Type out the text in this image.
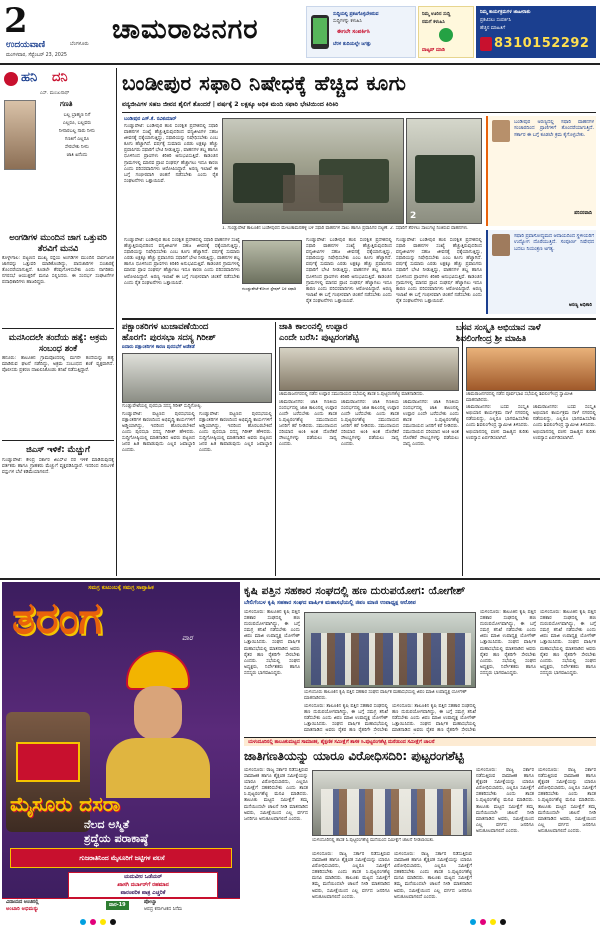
2
ಉದಯವಾಣಿ	ಬೆಂಗಳೂರು
ಮಂಗಳವಾರ, ಸೆಪ್ಟೆಂಬರ್ 23, 2025
ಚಾಮರಾಜನಗರ	ಸುದ್ದಿಯಲ್ಲಿ ಪ್ರಕಟಗೊಳ್ಳಬೇಕಿರುವ
ಸುದ್ದಿಗಳನ್ನು ಕಳುಹಿಸಿ
ಈಗಲೇ ಸಂಪರ್ಕಿಸಿ
ಬೆರಳ ತುದಿಯಲ್ಲೇ ಜಗತ್ತು
ನಿಮ್ಮ ಊರಿನ ಸುದ್ದಿ
ನಮಗೆ ಕಳುಹಿಸಿ
ವಾಟ್ಸಪ್ ಮಾಡಿ
ನಿಮ್ಮ ಕಾರ್ಯಕ್ರಮಗಳ ಜಾಹೀರಾತು
ಪ್ರಕಟಿಸಲು ಸಂಪರ್ಕಿಸಿ
ಹೆಚ್ಚಿನ ಮಾಹಿತಿಗೆ
8310152292
ಹನಿ ದನಿ
ಎಸ್. ಮಂಜುನಾಥ್
ಗಣತಿ
ಬಲ್ಲ ಬ್ರಾಹ್ಮಣ ನಿಗೆ
ಎಲ್ಲರೂ, ಬಲ್ಲವರು
ನೀನಾರಬಲ್ಲ ನಾರು ನೀನು
ಗಣತಿಗೆ ಎಲ್ಲರೂ
ಸೇರಬೇಕು ನೀನು
ಜಾತಿ ಏನೆಂದು
ಅಂಗಡಿಗಳ ಮುಂದಿನ ಜಾಗ ಒತ್ತುವರಿ ತೆರವಿಗೆ ಮನವಿ
ಕೊಳ್ಳೇಗಾಲ: ಪಟ್ಟಣದ ಮುಖ್ಯ ರಸ್ತೆಯ ಅಂಗಡಿಗಳ ಮುಂದಿನ ಸಾರ್ವಜನಿಕ ಜಾಗವನ್ನು ಒತ್ತುವರಿ ಮಾಡಿಕೊಂಡಿದ್ದು, ಪಾದಚಾರಿಗಳ ಸಂಚಾರಕ್ಕೆ ತೊಂದರೆಯಾಗುತ್ತಿದೆ. ಕೂಡಲೇ ತೆರವುಗೊಳಿಸಬೇಕು ಎಂದು ನಾಗರಿಕರು ನಗರಸಭೆ ಆಯುಕ್ತರಿಗೆ ಮನವಿ ಸಲ್ಲಿಸಿದರು. ಈ ಸಂದರ್ಭ ಸಂಘಟನೆಗಳ ಪದಾಧಿಕಾರಿಗಳು ಹಾಜರಿದ್ದರು.
ಮನಸಿಂದಲೇ ತಂದೆಯ ಹತ್ಯೆ: ಅಕ್ರಮ ಸಂಬಂಧ ಶಂಕೆ
ಹನೂರು: ತಾಲೂಕಿನ ಗ್ರಾಮವೊಂದರಲ್ಲಿ ಮಗನೇ ತಂದೆಯನ್ನು ಹತ್ಯೆ ಮಾಡಿರುವ ಘಟನೆ ನಡೆದಿದ್ದು, ಅಕ್ರಮ ಸಂಬಂಧದ ಶಂಕೆ ವ್ಯಕ್ತವಾಗಿದೆ. ಪೊಲೀಸರು ಪ್ರಕರಣ ದಾಖಲಿಸಿಕೊಂಡು ತನಿಖೆ ನಡೆಸುತ್ತಿದ್ದಾರೆ.
ಜಿಎಸ್ ಇಳಿಕೆ: ಮೆಚ್ಚುಗೆ
ಗುಂಡ್ಲುಪೇಟೆ: ಕೇಂದ್ರ ಸರ್ಕಾರ ಜಿಎಸ್‌ಟಿ ದರ ಇಳಿಕೆ ಮಾಡಿರುವುದಕ್ಕೆ ವರ್ತಕರು ಹಾಗೂ ಗ್ರಾಹಕರು ಮೆಚ್ಚುಗೆ ವ್ಯಕ್ತಪಡಿಸಿದ್ದಾರೆ. ಇದರಿಂದ ದಿನಬಳಕೆ ವಸ್ತುಗಳ ಬೆಲೆ ಕಡಿಮೆಯಾಗಲಿದೆ.
ಬಂಡೀಪುರ ಸಫಾರಿ ನಿಷೇಧಕ್ಕೆ ಹೆಚ್ಚಿದ ಕೂಗು
ವನ್ಯಜೀವಿಗಳ ಸಹಜ ಜೀವನ ಶೈಲಿಗೆ ತೊಂದರೆ | ವರ್ಷಕ್ಕೆ 2 ಲಕ್ಷಕ್ಕೂ ಅಧಿಕ ಮಂದಿ ಸಫಾರಿ ಭೇಟಿಯಿಂದ ಕಿರಿಕಿರಿ
ಬಂಡೀಪುರ ಎಸ್.ಕೆ. ರವಿಕುಮಾರ್
ಗುಂಡ್ಲುಪೇಟೆ: ಬಂಡೀಪುರ ಹುಲಿ ಸಂರಕ್ಷಿತ ಪ್ರದೇಶದಲ್ಲಿ ಸಫಾರಿ ವಾಹನಗಳ ಸಂಖ್ಯೆ ಹೆಚ್ಚುತ್ತಿರುವುದರಿಂದ ವನ್ಯಜೀವಿಗಳ ಸಹಜ ಜೀವನಕ್ಕೆ ಧಕ್ಕೆಯಾಗುತ್ತಿದ್ದು, ಸಫಾರಿಯನ್ನು ನಿಷೇಧಿಸಬೇಕು ಎಂಬ ಕೂಗು ಹೆಚ್ಚಾಗಿದೆ. ವರ್ಷಕ್ಕೆ ಸುಮಾರು ಎರಡು ಲಕ್ಷಕ್ಕೂ ಹೆಚ್ಚು ಪ್ರವಾಸಿಗರು ಸಫಾರಿಗೆ ಭೇಟಿ ನೀಡುತ್ತಿದ್ದು, ವಾಹನಗಳ ಶಬ್ದ ಹಾಗೂ ಧೂಳಿನಿಂದ ಪ್ರಾಣಿಗಳು ಕಿರಿಕಿರಿ ಅನುಭವಿಸುತ್ತಿವೆ. ಕಾಡಂಚಿನ ಗ್ರಾಮಗಳಲ್ಲಿ ಮಾನವ ಪ್ರಾಣಿ ಸಂಘರ್ಷ ಹೆಚ್ಚಾಗಲು ಇದೂ ಕಾರಣ ಎಂದು ಪರಿಸರವಾದಿಗಳು ಆರೋಪಿಸಿದ್ದಾರೆ. ಅರಣ್ಯ ಇಲಾಖೆ ಈ ಬಗ್ಗೆ ಗಂಭೀರವಾಗಿ ಚಿಂತನೆ ನಡೆಸಬೇಕು ಎಂದು ರೈತ ಸಂಘಟನೆಗಳು ಒತ್ತಾಯಿಸಿವೆ.
2
1. ಗುಂಡ್ಲುಪೇಟೆ ತಾಲೂಕಿನ ಬಂಡೀಪುರದ ಮೇಲುಕಾಮನಹಳ್ಳಿ ಬಳಿ ಸಫಾರಿ ವಾಹನಗಳ ಸಾಲು ಹಾಗೂ ಪ್ರವಾಸಿಗರ ದಟ್ಟಣೆ. 2. ಸಫಾರಿಗೆ ತೆರಳಲು ಸಾಲುಗಟ್ಟಿ ನಿಂತಿರುವ ವಾಹನಗಳು.
ಬಂಡೀಪುರ ಅರಣ್ಯದಲ್ಲಿ ಸಫಾರಿ ವಾಹನಗಳ ಸಂಚಾರದಿಂದ ಪ್ರಾಣಿಗಳಿಗೆ ತೊಂದರೆಯಾಗುತ್ತಿದೆ. ಸರ್ಕಾರ ಈ ಬಗ್ಗೆ ಕೂಡಲೇ ಕ್ರಮ ಕೈಗೊಳ್ಳಬೇಕು.
ಪರಿಸರವಾದಿ
ಸಫಾರಿ ಪ್ರವಾಸೋದ್ಯಮದ ಆದಾಯದಿಂದ ಸ್ಥಳೀಯರಿಗೆ ಉದ್ಯೋಗ ದೊರೆಯುತ್ತಿದೆ. ಸಂಪೂರ್ಣ ನಿಷೇಧದ ಬದಲು ನಿಯಂತ್ರಣ ಅಗತ್ಯ.
ಅರಣ್ಯ ಅಧಿಕಾರಿ
ಗುಂಡ್ಲುಪೇಟೆ: ಬಂಡೀಪುರ ಹುಲಿ ಸಂರಕ್ಷಿತ ಪ್ರದೇಶದಲ್ಲಿ ಸಫಾರಿ ವಾಹನಗಳ ಸಂಖ್ಯೆ ಹೆಚ್ಚುತ್ತಿರುವುದರಿಂದ ವನ್ಯಜೀವಿಗಳ ಸಹಜ ಜೀವನಕ್ಕೆ ಧಕ್ಕೆಯಾಗುತ್ತಿದ್ದು, ಸಫಾರಿಯನ್ನು ನಿಷೇಧಿಸಬೇಕು ಎಂಬ ಕೂಗು ಹೆಚ್ಚಾಗಿದೆ. ವರ್ಷಕ್ಕೆ ಸುಮಾರು ಎರಡು ಲಕ್ಷಕ್ಕೂ ಹೆಚ್ಚು ಪ್ರವಾಸಿಗರು ಸಫಾರಿಗೆ ಭೇಟಿ ನೀಡುತ್ತಿದ್ದು, ವಾಹನಗಳ ಶಬ್ದ ಹಾಗೂ ಧೂಳಿನಿಂದ ಪ್ರಾಣಿಗಳು ಕಿರಿಕಿರಿ ಅನುಭವಿಸುತ್ತಿವೆ. ಕಾಡಂಚಿನ ಗ್ರಾಮಗಳಲ್ಲಿ ಮಾನವ ಪ್ರಾಣಿ ಸಂಘರ್ಷ ಹೆಚ್ಚಾಗಲು ಇದೂ ಕಾರಣ ಎಂದು ಪರಿಸರವಾದಿಗಳು ಆರೋಪಿಸಿದ್ದಾರೆ. ಅರಣ್ಯ ಇಲಾಖೆ ಈ ಬಗ್ಗೆ ಗಂಭೀರವಾಗಿ ಚಿಂತನೆ ನಡೆಸಬೇಕು ಎಂದು ರೈತ ಸಂಘಟನೆಗಳು ಒತ್ತಾಯಿಸಿವೆ.
ಗುಂಡ್ಲುಪೇಟೆ-ಕೋಂಗ ಸ್ಟೇಷನ್ ಬಳಿ ಸಫಾರಿ
ಗುಂಡ್ಲುಪೇಟೆ: ಬಂಡೀಪುರ ಹುಲಿ ಸಂರಕ್ಷಿತ ಪ್ರದೇಶದಲ್ಲಿ ಸಫಾರಿ ವಾಹನಗಳ ಸಂಖ್ಯೆ ಹೆಚ್ಚುತ್ತಿರುವುದರಿಂದ ವನ್ಯಜೀವಿಗಳ ಸಹಜ ಜೀವನಕ್ಕೆ ಧಕ್ಕೆಯಾಗುತ್ತಿದ್ದು, ಸಫಾರಿಯನ್ನು ನಿಷೇಧಿಸಬೇಕು ಎಂಬ ಕೂಗು ಹೆಚ್ಚಾಗಿದೆ. ವರ್ಷಕ್ಕೆ ಸುಮಾರು ಎರಡು ಲಕ್ಷಕ್ಕೂ ಹೆಚ್ಚು ಪ್ರವಾಸಿಗರು ಸಫಾರಿಗೆ ಭೇಟಿ ನೀಡುತ್ತಿದ್ದು, ವಾಹನಗಳ ಶಬ್ದ ಹಾಗೂ ಧೂಳಿನಿಂದ ಪ್ರಾಣಿಗಳು ಕಿರಿಕಿರಿ ಅನುಭವಿಸುತ್ತಿವೆ. ಕಾಡಂಚಿನ ಗ್ರಾಮಗಳಲ್ಲಿ ಮಾನವ ಪ್ರಾಣಿ ಸಂಘರ್ಷ ಹೆಚ್ಚಾಗಲು ಇದೂ ಕಾರಣ ಎಂದು ಪರಿಸರವಾದಿಗಳು ಆರೋಪಿಸಿದ್ದಾರೆ. ಅರಣ್ಯ ಇಲಾಖೆ ಈ ಬಗ್ಗೆ ಗಂಭೀರವಾಗಿ ಚಿಂತನೆ ನಡೆಸಬೇಕು ಎಂದು ರೈತ ಸಂಘಟನೆಗಳು ಒತ್ತಾಯಿಸಿವೆ.
ಗುಂಡ್ಲುಪೇಟೆ: ಬಂಡೀಪುರ ಹುಲಿ ಸಂರಕ್ಷಿತ ಪ್ರದೇಶದಲ್ಲಿ ಸಫಾರಿ ವಾಹನಗಳ ಸಂಖ್ಯೆ ಹೆಚ್ಚುತ್ತಿರುವುದರಿಂದ ವನ್ಯಜೀವಿಗಳ ಸಹಜ ಜೀವನಕ್ಕೆ ಧಕ್ಕೆಯಾಗುತ್ತಿದ್ದು, ಸಫಾರಿಯನ್ನು ನಿಷೇಧಿಸಬೇಕು ಎಂಬ ಕೂಗು ಹೆಚ್ಚಾಗಿದೆ. ವರ್ಷಕ್ಕೆ ಸುಮಾರು ಎರಡು ಲಕ್ಷಕ್ಕೂ ಹೆಚ್ಚು ಪ್ರವಾಸಿಗರು ಸಫಾರಿಗೆ ಭೇಟಿ ನೀಡುತ್ತಿದ್ದು, ವಾಹನಗಳ ಶಬ್ದ ಹಾಗೂ ಧೂಳಿನಿಂದ ಪ್ರಾಣಿಗಳು ಕಿರಿಕಿರಿ ಅನುಭವಿಸುತ್ತಿವೆ. ಕಾಡಂಚಿನ ಗ್ರಾಮಗಳಲ್ಲಿ ಮಾನವ ಪ್ರಾಣಿ ಸಂಘರ್ಷ ಹೆಚ್ಚಾಗಲು ಇದೂ ಕಾರಣ ಎಂದು ಪರಿಸರವಾದಿಗಳು ಆರೋಪಿಸಿದ್ದಾರೆ. ಅರಣ್ಯ ಇಲಾಖೆ ಈ ಬಗ್ಗೆ ಗಂಭೀರವಾಗಿ ಚಿಂತನೆ ನಡೆಸಬೇಕು ಎಂದು ರೈತ ಸಂಘಟನೆಗಳು ಒತ್ತಾಯಿಸಿವೆ.
ಪಕ್ಷಾಂತರಿಗಳ ಟುಜಾವಣೆಯಿಂದ
ಹೊರಗೆ: ಪುರಸಭಾ ಸದಸ್ಯ ಗಿರೀಶ್
ಐದಾರು ಪಕ್ಷಾಂತರಿಗಳ ಕಾರಣ ಪುರಸಭೆಗೆ ಅಡೆತಡೆ
ಗುಂಡ್ಲುಪೇಟೆಯಲ್ಲಿ ಪುರಸಭಾ ಸದಸ್ಯ ಗಿರೀಶ್ ಸುದ್ದಿಗೋಷ್ಠಿ.
ಗುಂಡ್ಲುಪೇಟೆ: ಪಟ್ಟಣದ ಪುರಸಭೆಯಲ್ಲಿ ಪಕ್ಷಾಂತರಿಗಳ ಕಾರಣದಿಂದ ಅಭಿವೃದ್ಧಿ ಕಾರ್ಯಗಳಿಗೆ ಅಡ್ಡಿಯಾಗಿದ್ದು, ಇದರಿಂದ ಹೊರಬರಬೇಕಿದೆ ಎಂದು ಪುರಸಭಾ ಸದಸ್ಯ ಗಿರೀಶ್ ಹೇಳಿದರು. ಸುದ್ದಿಗೋಷ್ಠಿಯಲ್ಲಿ ಮಾತನಾಡಿದ ಅವರು ಪಟ್ಟಣದ ಜನರ ಹಿತ ಕಾಪಾಡುವುದು ಎಲ್ಲರ ಜವಾಬ್ದಾರಿ ಎಂದರು.
ಗುಂಡ್ಲುಪೇಟೆ: ಪಟ್ಟಣದ ಪುರಸಭೆಯಲ್ಲಿ ಪಕ್ಷಾಂತರಿಗಳ ಕಾರಣದಿಂದ ಅಭಿವೃದ್ಧಿ ಕಾರ್ಯಗಳಿಗೆ ಅಡ್ಡಿಯಾಗಿದ್ದು, ಇದರಿಂದ ಹೊರಬರಬೇಕಿದೆ ಎಂದು ಪುರಸಭಾ ಸದಸ್ಯ ಗಿರೀಶ್ ಹೇಳಿದರು. ಸುದ್ದಿಗೋಷ್ಠಿಯಲ್ಲಿ ಮಾತನಾಡಿದ ಅವರು ಪಟ್ಟಣದ ಜನರ ಹಿತ ಕಾಪಾಡುವುದು ಎಲ್ಲರ ಜವಾಬ್ದಾರಿ ಎಂದರು.
ಜಾತಿ ಕಾಲಂನಲ್ಲಿ ಉಪ್ಪಾರ
ಎಂದೇ ಬರೆಸಿ: ಪುಟ್ಟರಂಗಶೆಟ್ಟಿ
ಚಾಮರಾಜನಗರದಲ್ಲಿ ನಡೆದ ಉಪ್ಪಾರ ಸಮುದಾಯದ ಸಭೆಯಲ್ಲಿ ಶಾಸಕ ಸಿ.ಪುಟ್ಟರಂಗಶೆಟ್ಟಿ ಮಾತನಾಡಿದರು.
ಚಾಮರಾಜನಗರ: ಜಾತಿ ಗಣತಿಯ ಸಂದರ್ಭದಲ್ಲಿ ಜಾತಿ ಕಾಲಂನಲ್ಲಿ ಉಪ್ಪಾರ ಎಂದೇ ಬರೆಸಬೇಕು ಎಂದು ಶಾಸಕ ಸಿ.ಪುಟ್ಟರಂಗಶೆಟ್ಟಿ ಸಮುದಾಯದ ಜನರಿಗೆ ಕರೆ ನೀಡಿದರು. ಸಮುದಾಯದ ಸರಿಯಾದ ಅಂಕಿ ಅಂಶ ದೊರೆತರೆ ಸೌಲಭ್ಯಗಳನ್ನು ಪಡೆಯಲು ಸಾಧ್ಯ ಎಂದರು.
ಚಾಮರಾಜನಗರ: ಜಾತಿ ಗಣತಿಯ ಸಂದರ್ಭದಲ್ಲಿ ಜಾತಿ ಕಾಲಂನಲ್ಲಿ ಉಪ್ಪಾರ ಎಂದೇ ಬರೆಸಬೇಕು ಎಂದು ಶಾಸಕ ಸಿ.ಪುಟ್ಟರಂಗಶೆಟ್ಟಿ ಸಮುದಾಯದ ಜನರಿಗೆ ಕರೆ ನೀಡಿದರು. ಸಮುದಾಯದ ಸರಿಯಾದ ಅಂಕಿ ಅಂಶ ದೊರೆತರೆ ಸೌಲಭ್ಯಗಳನ್ನು ಪಡೆಯಲು ಸಾಧ್ಯ ಎಂದರು.
ಚಾಮರಾಜನಗರ: ಜಾತಿ ಗಣತಿಯ ಸಂದರ್ಭದಲ್ಲಿ ಜಾತಿ ಕಾಲಂನಲ್ಲಿ ಉಪ್ಪಾರ ಎಂದೇ ಬರೆಸಬೇಕು ಎಂದು ಶಾಸಕ ಸಿ.ಪುಟ್ಟರಂಗಶೆಟ್ಟಿ ಸಮುದಾಯದ ಜನರಿಗೆ ಕರೆ ನೀಡಿದರು. ಸಮುದಾಯದ ಸರಿಯಾದ ಅಂಕಿ ಅಂಶ ದೊರೆತರೆ ಸೌಲಭ್ಯಗಳನ್ನು ಪಡೆಯಲು ಸಾಧ್ಯ ಎಂದರು.
ಬಸವ ಸಂಸ್ಕೃತಿ ಅಭಿಯಾನ ನಾಳೆ
ಶಿವಲಿಂಗೇಂದ್ರ ಶ್ರೀ ಮಾಹಿತಿ
ಚಾಮರಾಜನಗರದಲ್ಲಿ ನಡೆದ ಪೂರ್ವಭಾವಿ ಸಭೆಯಲ್ಲಿ ಶಿವಲಿಂಗೇಂದ್ರ ಸ್ವಾಮೀಜಿ ಮಾತನಾಡಿದರು.
ಚಾಮರಾಜನಗರ: ಬಸವ ಸಂಸ್ಕೃತಿ ಅಭಿಯಾನ ಕಾರ್ಯಕ್ರಮ ನಾಳೆ ನಗರದಲ್ಲಿ ನಡೆಯಲಿದ್ದು, ಎಲ್ಲರೂ ಭಾಗವಹಿಸಬೇಕು ಎಂದು ಶಿವಲಿಂಗೇಂದ್ರ ಸ್ವಾಮೀಜಿ ತಿಳಿಸಿದರು. ಅಭಿಯಾನದಲ್ಲಿ ವಚನ ಸಾಹಿತ್ಯದ ಕುರಿತು ಉಪನ್ಯಾಸ ಏರ್ಪಡಿಸಲಾಗಿದೆ.
ಚಾಮರಾಜನಗರ: ಬಸವ ಸಂಸ್ಕೃತಿ ಅಭಿಯಾನ ಕಾರ್ಯಕ್ರಮ ನಾಳೆ ನಗರದಲ್ಲಿ ನಡೆಯಲಿದ್ದು, ಎಲ್ಲರೂ ಭಾಗವಹಿಸಬೇಕು ಎಂದು ಶಿವಲಿಂಗೇಂದ್ರ ಸ್ವಾಮೀಜಿ ತಿಳಿಸಿದರು. ಅಭಿಯಾನದಲ್ಲಿ ವಚನ ಸಾಹಿತ್ಯದ ಕುರಿತು ಉಪನ್ಯಾಸ ಏರ್ಪಡಿಸಲಾಗಿದೆ.
ಸಮಗ್ರ ಕುಟುಂಬಕ್ಕೆ ಸಮಗ್ರ ಸಾಪ್ತಾಹಿಕ
ತರಂಗ	ವಾರ
ಮೈಸೂರು ದಸರಾ
ನೆಲದ ಅಸ್ಮಿತೆ
ಶ್ರದ್ಧೆಯ ಪರಾಕಾಷ್ಠೆ
ಗುಜರಾತಿನಿಂದ ಮೈಸೂರಿಗೆ ಜಟ್ಟಿಗಳ ವಲಸೆ
ಯದುವೀರ ಒಡೆಯರ್
ಖಾಸಗಿ ದರ್ಬಾರ್‌ಗೆ ರಹಮಾನ
ಪಾರಂಪರಿಕ ಪಾತ್ರ ಎಚ್ಚರಿಕೆ
ವಿದಾಯದ ಅಂಚಿನಲ್ಲಿ
ಅಂಬಾರಿ ಅಭಿಮನ್ಯು
ವಾರ-19	ಪೋಲ್ವಾ
ಆಪದ್ರ ಕರ್ನಾಟಕದ ಸಿನೆಮ
ಕೃಷಿ ಪತ್ತಿನ ಸಹಕಾರ ಸಂಘದಲ್ಲಿ ಹಣ ದುರುಪಯೋಗ: ಯೋಗೇಶ್
ಬೇಲಿಗೆಂಬಳ ಕೃಷಿ ಸಹಕಾರ ಸಂಘದ ವಾರ್ಷಿಕ ಮಹಾಸಭೆಯಲ್ಲಿ ಜಿಪಂ ಮಾಜಿ ಉಪಾಧ್ಯಕ್ಷ ಆರೋಪ
ಯಳಂದೂರು: ತಾಲೂಕಿನ ಕೃಷಿ ಪತ್ತಿನ ಸಹಕಾರ ಸಂಘದಲ್ಲಿ ಹಣ ದುರುಪಯೋಗವಾಗಿದ್ದು, ಈ ಬಗ್ಗೆ ಸಮಗ್ರ ತನಿಖೆ ನಡೆಸಬೇಕು ಎಂದು ಜಿಪಂ ಮಾಜಿ ಉಪಾಧ್ಯಕ್ಷ ಯೋಗೇಶ್ ಒತ್ತಾಯಿಸಿದರು. ಸಂಘದ ವಾರ್ಷಿಕ ಮಹಾಸಭೆಯಲ್ಲಿ ಮಾತನಾಡಿದ ಅವರು ರೈತರ ಹಣ ರೈತರಿಗೇ ಸೇರಬೇಕು ಎಂದರು. ಸಭೆಯಲ್ಲಿ ಸಂಘದ ಅಧ್ಯಕ್ಷರು, ನಿರ್ದೇಶಕರು ಹಾಗೂ ಸದಸ್ಯರು ಭಾಗವಹಿಸಿದ್ದರು.
ಯಳಂದೂರು ತಾಲೂಕಿನ ಕೃಷಿ ಪತ್ತಿನ ಸಹಕಾರ ಸಂಘದ ವಾರ್ಷಿಕ ಮಹಾಸಭೆಯಲ್ಲಿ ಜಿಪಂ ಮಾಜಿ ಉಪಾಧ್ಯಕ್ಷ ಯೋಗೇಶ್ ಮಾತನಾಡಿದರು.
ಯಳಂದೂರು: ತಾಲೂಕಿನ ಕೃಷಿ ಪತ್ತಿನ ಸಹಕಾರ ಸಂಘದಲ್ಲಿ ಹಣ ದುರುಪಯೋಗವಾಗಿದ್ದು, ಈ ಬಗ್ಗೆ ಸಮಗ್ರ ತನಿಖೆ ನಡೆಸಬೇಕು ಎಂದು ಜಿಪಂ ಮಾಜಿ ಉಪಾಧ್ಯಕ್ಷ ಯೋಗೇಶ್ ಒತ್ತಾಯಿಸಿದರು. ಸಂಘದ ವಾರ್ಷಿಕ ಮಹಾಸಭೆಯಲ್ಲಿ ಮಾತನಾಡಿದ ಅವರು ರೈತರ ಹಣ ರೈತರಿಗೇ ಸೇರಬೇಕು
ಯಳಂದೂರು: ತಾಲೂಕಿನ ಕೃಷಿ ಪತ್ತಿನ ಸಹಕಾರ ಸಂಘದಲ್ಲಿ ಹಣ ದುರುಪಯೋಗವಾಗಿದ್ದು, ಈ ಬಗ್ಗೆ ಸಮಗ್ರ ತನಿಖೆ ನಡೆಸಬೇಕು ಎಂದು ಜಿಪಂ ಮಾಜಿ ಉಪಾಧ್ಯಕ್ಷ ಯೋಗೇಶ್ ಒತ್ತಾಯಿಸಿದರು. ಸಂಘದ ವಾರ್ಷಿಕ ಮಹಾಸಭೆಯಲ್ಲಿ ಮಾತನಾಡಿದ ಅವರು ರೈತರ ಹಣ ರೈತರಿಗೇ ಸೇರಬೇಕು
ಯಳಂದೂರು: ತಾಲೂಕಿನ ಕೃಷಿ ಪತ್ತಿನ ಸಹಕಾರ ಸಂಘದಲ್ಲಿ ಹಣ ದುರುಪಯೋಗವಾಗಿದ್ದು, ಈ ಬಗ್ಗೆ ಸಮಗ್ರ ತನಿಖೆ ನಡೆಸಬೇಕು ಎಂದು ಜಿಪಂ ಮಾಜಿ ಉಪಾಧ್ಯಕ್ಷ ಯೋಗೇಶ್ ಒತ್ತಾಯಿಸಿದರು. ಸಂಘದ ವಾರ್ಷಿಕ ಮಹಾಸಭೆಯಲ್ಲಿ ಮಾತನಾಡಿದ ಅವರು ರೈತರ ಹಣ ರೈತರಿಗೇ ಸೇರಬೇಕು ಎಂದರು. ಸಭೆಯಲ್ಲಿ ಸಂಘದ ಅಧ್ಯಕ್ಷರು, ನಿರ್ದೇಶಕರು ಹಾಗೂ ಸದಸ್ಯರು ಭಾಗವಹಿಸಿದ್ದರು.
ಯಳಂದೂರು: ತಾಲೂಕಿನ ಕೃಷಿ ಪತ್ತಿನ ಸಹಕಾರ ಸಂಘದಲ್ಲಿ ಹಣ ದುರುಪಯೋಗವಾಗಿದ್ದು, ಈ ಬಗ್ಗೆ ಸಮಗ್ರ ತನಿಖೆ ನಡೆಸಬೇಕು ಎಂದು ಜಿಪಂ ಮಾಜಿ ಉಪಾಧ್ಯಕ್ಷ ಯೋಗೇಶ್ ಒತ್ತಾಯಿಸಿದರು. ಸಂಘದ ವಾರ್ಷಿಕ ಮಹಾಸಭೆಯಲ್ಲಿ ಮಾತನಾಡಿದ ಅವರು ರೈತರ ಹಣ ರೈತರಿಗೇ ಸೇರಬೇಕು ಎಂದರು. ಸಭೆಯಲ್ಲಿ ಸಂಘದ ಅಧ್ಯಕ್ಷರು, ನಿರ್ದೇಶಕರು ಹಾಗೂ ಸದಸ್ಯರು ಭಾಗವಹಿಸಿದ್ದರು.
ಯಳಂದೂರಿನಲ್ಲಿ ತಾಲೂಕುಮಟ್ಟದ ಸಾಮಾಜಿಕ, ಶೈಕ್ಷಣಿಕ ಸಮೀಕ್ಷೆಗೆ ಶಾಸಕ ಸಿ.ಪುಟ್ಟರಂಗಶೆಟ್ಟಿ ಮನೆಯಿಂದ ಸಮೀಕ್ಷೆಗೆ ಚಾಲನೆ
ಜಾತಿಗಣತಿಯನ್ನು ಯಾರೂ ವಿರೋಧಿಸದಿರಿ: ಪುಟ್ಟರಂಗಶೆಟ್ಟಿ
ಯಳಂದೂರು: ರಾಜ್ಯ ಸರ್ಕಾರ ನಡೆಸುತ್ತಿರುವ ಸಾಮಾಜಿಕ ಹಾಗೂ ಶೈಕ್ಷಣಿಕ ಸಮೀಕ್ಷೆಯನ್ನು ಯಾರೂ ವಿರೋಧಿಸಬಾರದು, ಎಲ್ಲರೂ ಸಮೀಕ್ಷೆಗೆ ಸಹಕರಿಸಬೇಕು ಎಂದು ಶಾಸಕ ಸಿ.ಪುಟ್ಟರಂಗಶೆಟ್ಟಿ ಮನವಿ ಮಾಡಿದರು. ತಾಲೂಕು ಮಟ್ಟದ ಸಮೀಕ್ಷೆಗೆ ತಮ್ಮ ಮನೆಯಿಂದಲೇ ಚಾಲನೆ ನೀಡಿ ಮಾತನಾಡಿದ ಅವರು, ಸಮೀಕ್ಷೆಯಿಂದ ಎಲ್ಲ ವರ್ಗದ ಜನರಿಗೂ ಅನುಕೂಲವಾಗಲಿದೆ ಎಂದರು.
ಯಳಂದೂರಿನಲ್ಲಿ ಶಾಸಕ ಸಿ.ಪುಟ್ಟರಂಗಶೆಟ್ಟಿ ಮನೆಯಿಂದ ಸಮೀಕ್ಷೆಗೆ ಚಾಲನೆ ನೀಡಲಾಯಿತು.
ಯಳಂದೂರು: ರಾಜ್ಯ ಸರ್ಕಾರ ನಡೆಸುತ್ತಿರುವ ಸಾಮಾಜಿಕ ಹಾಗೂ ಶೈಕ್ಷಣಿಕ ಸಮೀಕ್ಷೆಯನ್ನು ಯಾರೂ ವಿರೋಧಿಸಬಾರದು, ಎಲ್ಲರೂ ಸಮೀಕ್ಷೆಗೆ ಸಹಕರಿಸಬೇಕು ಎಂದು ಶಾಸಕ ಸಿ.ಪುಟ್ಟರಂಗಶೆಟ್ಟಿ ಮನವಿ ಮಾಡಿದರು. ತಾಲೂಕು ಮಟ್ಟದ ಸಮೀಕ್ಷೆಗೆ ತಮ್ಮ ಮನೆಯಿಂದಲೇ ಚಾಲನೆ ನೀಡಿ ಮಾತನಾಡಿದ ಅವರು, ಸಮೀಕ್ಷೆಯಿಂದ ಎಲ್ಲ ವರ್ಗದ ಜನರಿಗೂ ಅನುಕೂಲವಾಗಲಿದೆ ಎಂದರು.
ಯಳಂದೂರು: ರಾಜ್ಯ ಸರ್ಕಾರ ನಡೆಸುತ್ತಿರುವ ಸಾಮಾಜಿಕ ಹಾಗೂ ಶೈಕ್ಷಣಿಕ ಸಮೀಕ್ಷೆಯನ್ನು ಯಾರೂ ವಿರೋಧಿಸಬಾರದು, ಎಲ್ಲರೂ ಸಮೀಕ್ಷೆಗೆ ಸಹಕರಿಸಬೇಕು ಎಂದು ಶಾಸಕ ಸಿ.ಪುಟ್ಟರಂಗಶೆಟ್ಟಿ ಮನವಿ ಮಾಡಿದರು. ತಾಲೂಕು ಮಟ್ಟದ ಸಮೀಕ್ಷೆಗೆ ತಮ್ಮ ಮನೆಯಿಂದಲೇ ಚಾಲನೆ ನೀಡಿ ಮಾತನಾಡಿದ ಅವರು, ಸಮೀಕ್ಷೆಯಿಂದ ಎಲ್ಲ ವರ್ಗದ ಜನರಿಗೂ ಅನುಕೂಲವಾಗಲಿದೆ ಎಂದರು.
ಯಳಂದೂರು: ರಾಜ್ಯ ಸರ್ಕಾರ ನಡೆಸುತ್ತಿರುವ ಸಾಮಾಜಿಕ ಹಾಗೂ ಶೈಕ್ಷಣಿಕ ಸಮೀಕ್ಷೆಯನ್ನು ಯಾರೂ ವಿರೋಧಿಸಬಾರದು, ಎಲ್ಲರೂ ಸಮೀಕ್ಷೆಗೆ ಸಹಕರಿಸಬೇಕು ಎಂದು ಶಾಸಕ ಸಿ.ಪುಟ್ಟರಂಗಶೆಟ್ಟಿ ಮನವಿ ಮಾಡಿದರು. ತಾಲೂಕು ಮಟ್ಟದ ಸಮೀಕ್ಷೆಗೆ ತಮ್ಮ ಮನೆಯಿಂದಲೇ ಚಾಲನೆ ನೀಡಿ ಮಾತನಾಡಿದ ಅವರು, ಸಮೀಕ್ಷೆಯಿಂದ ಎಲ್ಲ ವರ್ಗದ ಜನರಿಗೂ ಅನುಕೂಲವಾಗಲಿದೆ ಎಂದರು.
ಯಳಂದೂರು: ರಾಜ್ಯ ಸರ್ಕಾರ ನಡೆಸುತ್ತಿರುವ ಸಾಮಾಜಿಕ ಹಾಗೂ ಶೈಕ್ಷಣಿಕ ಸಮೀಕ್ಷೆಯನ್ನು ಯಾರೂ ವಿರೋಧಿಸಬಾರದು, ಎಲ್ಲರೂ ಸಮೀಕ್ಷೆಗೆ ಸಹಕರಿಸಬೇಕು ಎಂದು ಶಾಸಕ ಸಿ.ಪುಟ್ಟರಂಗಶೆಟ್ಟಿ ಮನವಿ ಮಾಡಿದರು. ತಾಲೂಕು ಮಟ್ಟದ ಸಮೀಕ್ಷೆಗೆ ತಮ್ಮ ಮನೆಯಿಂದಲೇ ಚಾಲನೆ ನೀಡಿ ಮಾತನಾಡಿದ ಅವರು, ಸಮೀಕ್ಷೆಯಿಂದ ಎಲ್ಲ ವರ್ಗದ ಜನರಿಗೂ ಅನುಕೂಲವಾಗಲಿದೆ ಎಂದರು.
